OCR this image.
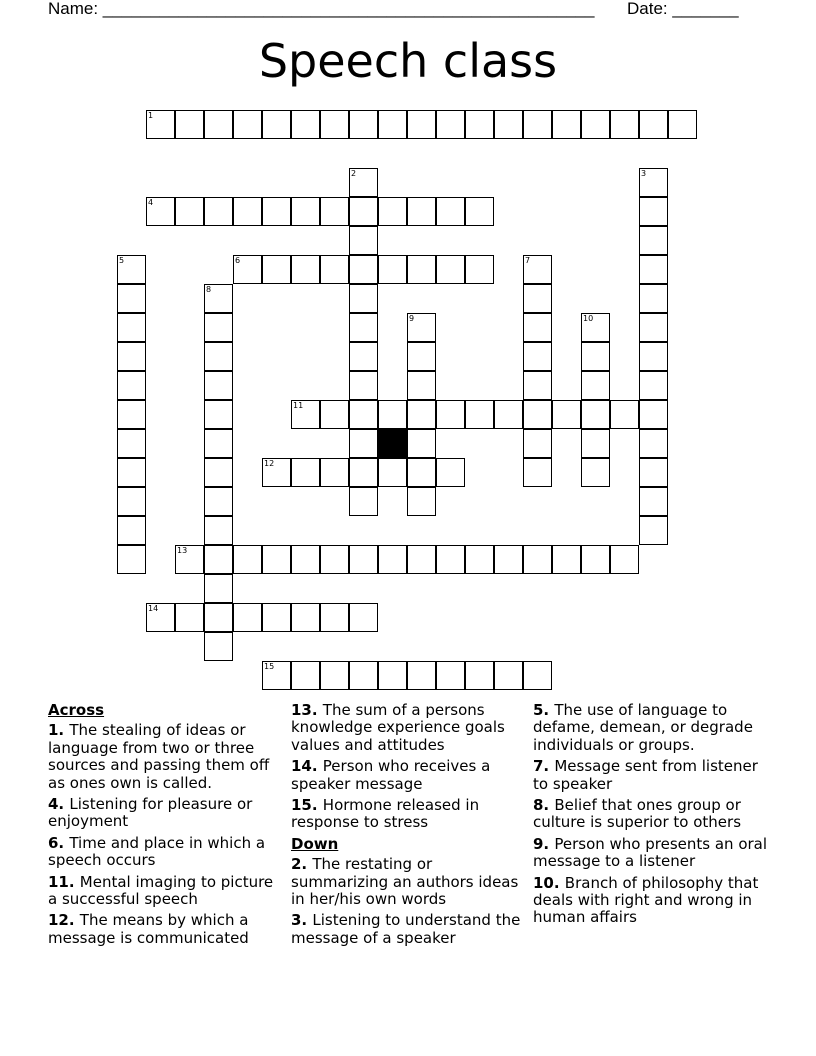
Name: ____________________________________________________ Date: _______
Speech class
1
2	3
4
5	6	7
8
9	10
11
12
13
14
15
Across
1. The stealing of ideas or language from two or three sources and passing them off as ones own is called.
4. Listening for pleasure or enjoyment
6. Time and place in which a speech occurs
11. Mental imaging to picture a successful speech
12. The means by which a message is communicated
13. The sum of a persons knowledge experience goals values and attitudes
14. Person who receives a speaker message
15. Hormone released in response to stress
Down
2. The restating or summarizing an authors ideas in her/his own words
3. Listening to understand the message of a speaker
5. The use of language to defame, demean, or degrade individuals or groups.
7. Message sent from listener to speaker
8. Belief that ones group or culture is superior to others
9. Person who presents an oral message to a listener
10. Branch of philosophy that deals with right and wrong in human affairs
